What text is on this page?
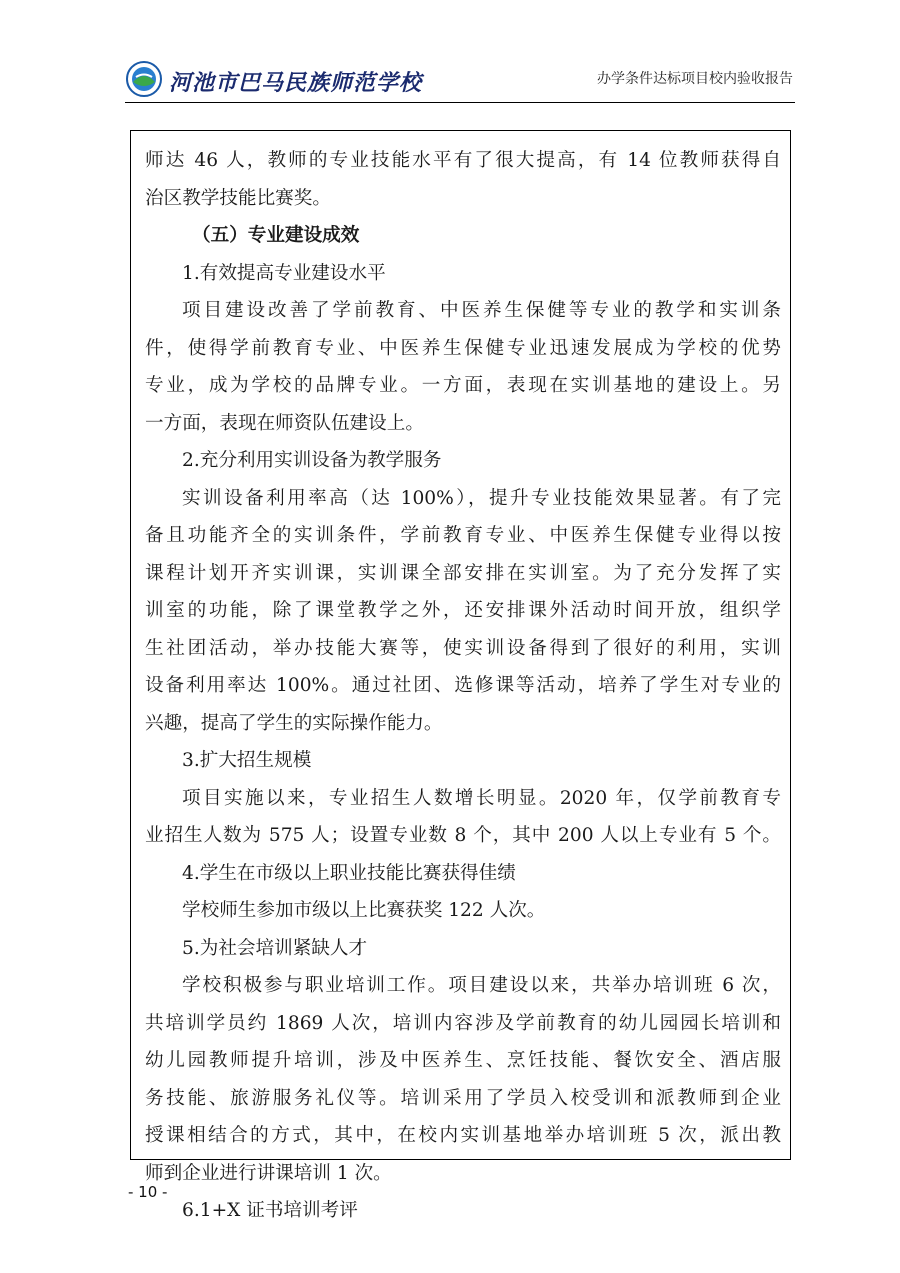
河池市巴马民族师范学校	办学条件达标项目校内验收报告
师达 46 人，教师的专业技能水平有了很大提高，有 14 位教师获得自
治区教学技能比赛奖。
（五）专业建设成效
1.有效提高专业建设水平
项目建设改善了学前教育、中医养生保健等专业的教学和实训条
件，使得学前教育专业、中医养生保健专业迅速发展成为学校的优势
专业，成为学校的品牌专业。一方面，表现在实训基地的建设上。另
一方面，表现在师资队伍建设上。
2.充分利用实训设备为教学服务
实训设备利用率高（达 100%），提升专业技能效果显著。有了完
备且功能齐全的实训条件，学前教育专业、中医养生保健专业得以按
课程计划开齐实训课，实训课全部安排在实训室。为了充分发挥了实
训室的功能，除了课堂教学之外，还安排课外活动时间开放，组织学
生社团活动，举办技能大赛等，使实训设备得到了很好的利用，实训
设备利用率达 100%。通过社团、选修课等活动，培养了学生对专业的
兴趣，提高了学生的实际操作能力。
3.扩大招生规模
项目实施以来，专业招生人数增长明显。2020 年，仅学前教育专
业招生人数为 575 人；设置专业数 8 个，其中 200 人以上专业有 5 个。
4.学生在市级以上职业技能比赛获得佳绩
学校师生参加市级以上比赛获奖 122 人次。
5.为社会培训紧缺人才
学校积极参与职业培训工作。项目建设以来，共举办培训班 6 次，
共培训学员约 1869 人次，培训内容涉及学前教育的幼儿园园长培训和
幼儿园教师提升培训，涉及中医养生、烹饪技能、餐饮安全、酒店服
务技能、旅游服务礼仪等。培训采用了学员入校受训和派教师到企业
授课相结合的方式，其中，在校内实训基地举办培训班 5 次，派出教
师到企业进行讲课培训 1 次。
6.1+X 证书培训考评
- 10 -
